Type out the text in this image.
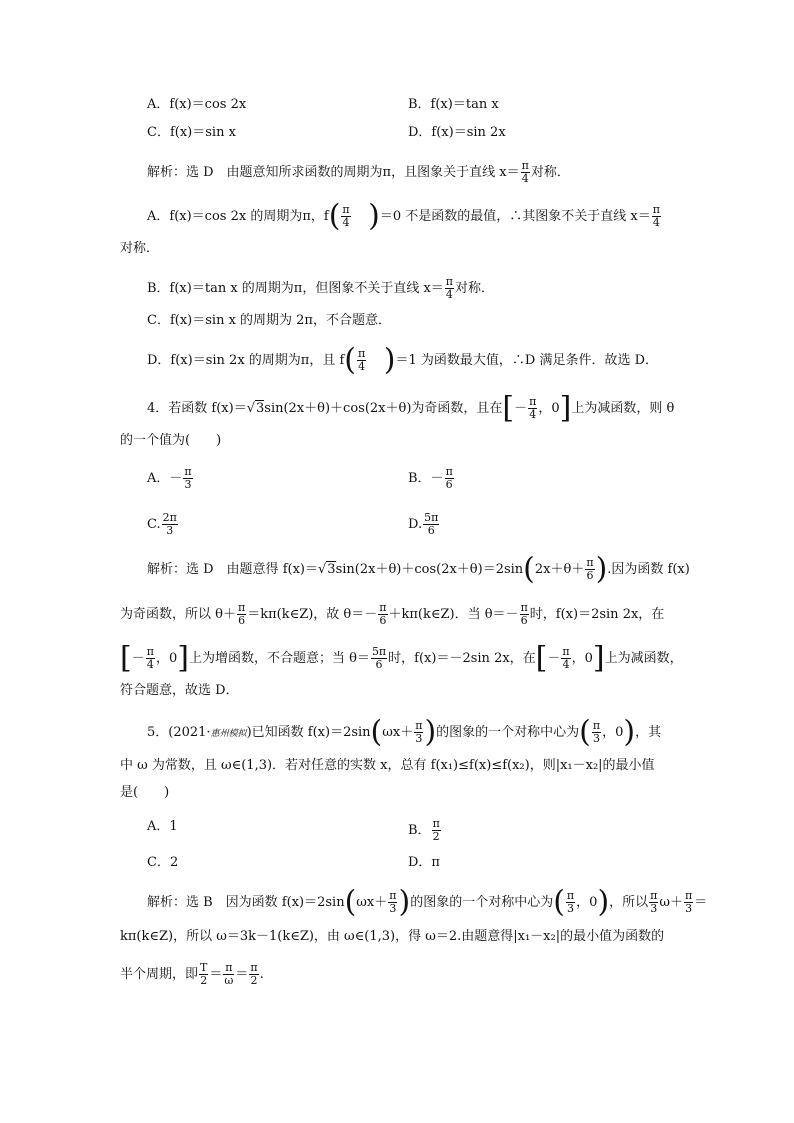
A．f(x)＝cos 2x	B．f(x)＝tan x
C．f(x)＝sin x	D．f(x)＝sin 2x
解析：选 D　由题意知所求函数的周期为π，且图象关于直线 $x= \frac{\pi}{4}$ 对称．
A．f(x)＝cos 2x 的周期为π，$f( \frac{\pi}{4} )=0$ 不是函数的最值，∴其图象不关于直线 $x= \frac{\pi}{4}$
对称．
B．f(x)＝tan x 的周期为π，但图象不关于直线 $x= \frac{\pi}{4}$ 对称．
C．f(x)＝sin x 的周期为 2π，不合题意．
D．f(x)＝sin 2x 的周期为π，且 $f( \frac{\pi}{4} )=1$ 为函数最大值，∴D 满足条件．故选 D．
4．若函数 f(x)＝√3sin(2x＋θ)＋cos(2x＋θ)为奇函数，且在[－ $\frac{\pi}{4}$ ，0]上为减函数，则 θ
的一个值为(　　)
A．－ $\frac{\pi}{3}$	B．－ $\frac{\pi}{6}$
C. $\frac{2\pi}{3}$	D. $\frac{5\pi}{6}$
解析：选 D　由题意得 $f(x)=√3\sin(2x+\theta)+\cos(2x+\theta)=2\sin(2x+\theta+ \frac{\pi}{6}$ ).因为函数 f(x)
为奇函数，所以 $\theta+ \frac{\pi}{6}$ ＝kπ(k∈Z)，故 $\theta=- \frac{\pi}{6}$ ＋kπ(k∈Z)．当 $\theta=- \frac{\pi}{6}$ 时，f(x)＝2sin 2x，在
[－ $\frac{\pi}{4}$ ，0]上为增函数，不合题意；当 $\theta= \frac{5\pi}{6}$ 时，f(x)＝－2sin 2x，在[－ $\frac{\pi}{4}$ ，0]上为减函数，
符合题意，故选 D．
5．(2021·惠州模拟)已知函数 $f(x)=2\sin(\omega x+ \frac{\pi}{3}$ )的图象的一个对称中心为( $\frac{\pi}{3}$ ，0)，其
中 ω 为常数，且 ω∈(1,3)．若对任意的实数 x，总有 f(x₁)≤f(x)≤f(x₂)，则|x₁－x₂|的最小值
是(　　)
A．1	B． $\frac{\pi}{2}$
C．2	D．π
解析：选 B　因为函数 $f(x)=2\sin(\omega x+ \frac{\pi}{3}$ )的图象的一个对称中心为( $\frac{\pi}{3}$ ，0)，所以 $\frac{\pi}{3} \omega+ \frac{\pi}{3}$ ＝
kπ(k∈Z)，所以 ω＝3k－1(k∈Z)，由 ω∈(1,3)，得 ω＝2.由题意得|x₁－x₂|的最小值为函数的
半个周期，即 $\frac{T}{2} = \frac{\pi}{\omega} = \frac{\pi}{2}$ .
